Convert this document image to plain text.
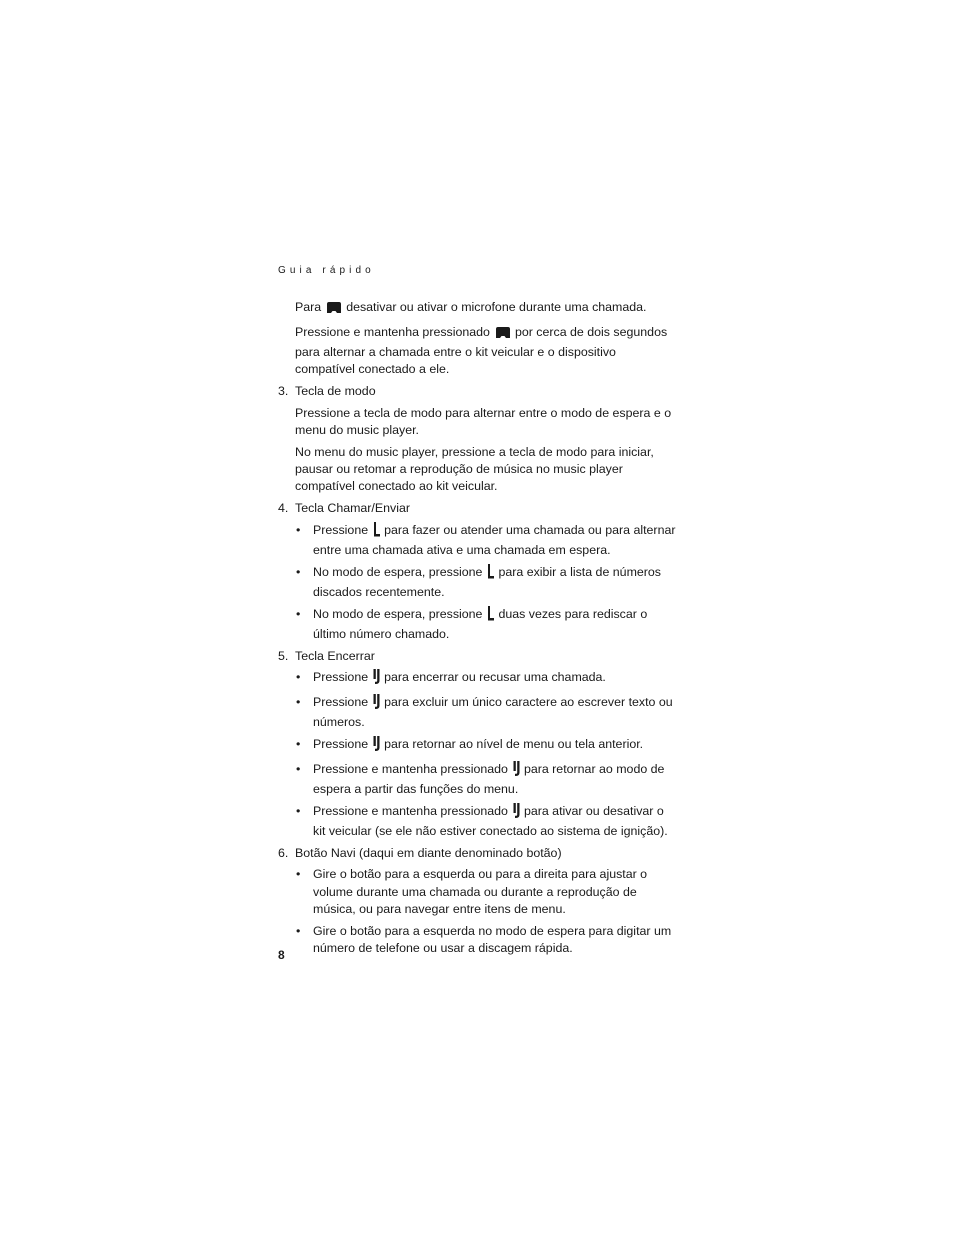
Guia rápido

Para desativar ou ativar o microfone durante uma chamada.

Pressione e mantenha pressionado por cerca de dois segundos para alternar a chamada entre o kit veicular e o dispositivo compatível conectado a ele.

3. Tecla de modo

Pressione a tecla de modo para alternar entre o modo de espera e o menu do music player.

No menu do music player, pressione a tecla de modo para iniciar, pausar ou retomar a reprodução de música no music player compatível conectado ao kit veicular.

4. Tecla Chamar/Enviar
• Pressione para fazer ou atender uma chamada ou para alternar entre uma chamada ativa e uma chamada em espera.
• No modo de espera, pressione para exibir a lista de números discados recentemente.
• No modo de espera, pressione duas vezes para rediscar o último número chamado.
5. Tecla Encerrar
• Pressione para encerrar ou recusar uma chamada.
• Pressione para excluir um único caractere ao escrever texto ou números.
• Pressione para retornar ao nível de menu ou tela anterior.
• Pressione e mantenha pressionado para retornar ao modo de espera a partir das funções do menu.
• Pressione e mantenha pressionado para ativar ou desativar o kit veicular (se ele não estiver conectado ao sistema de ignição).
6. Botão Navi (daqui em diante denominado botão)
• Gire o botão para a esquerda ou para a direita para ajustar o volume durante uma chamada ou durante a reprodução de música, ou para navegar entre itens de menu.
• Gire o botão para a esquerda no modo de espera para digitar um número de telefone ou usar a discagem rápida.
8
